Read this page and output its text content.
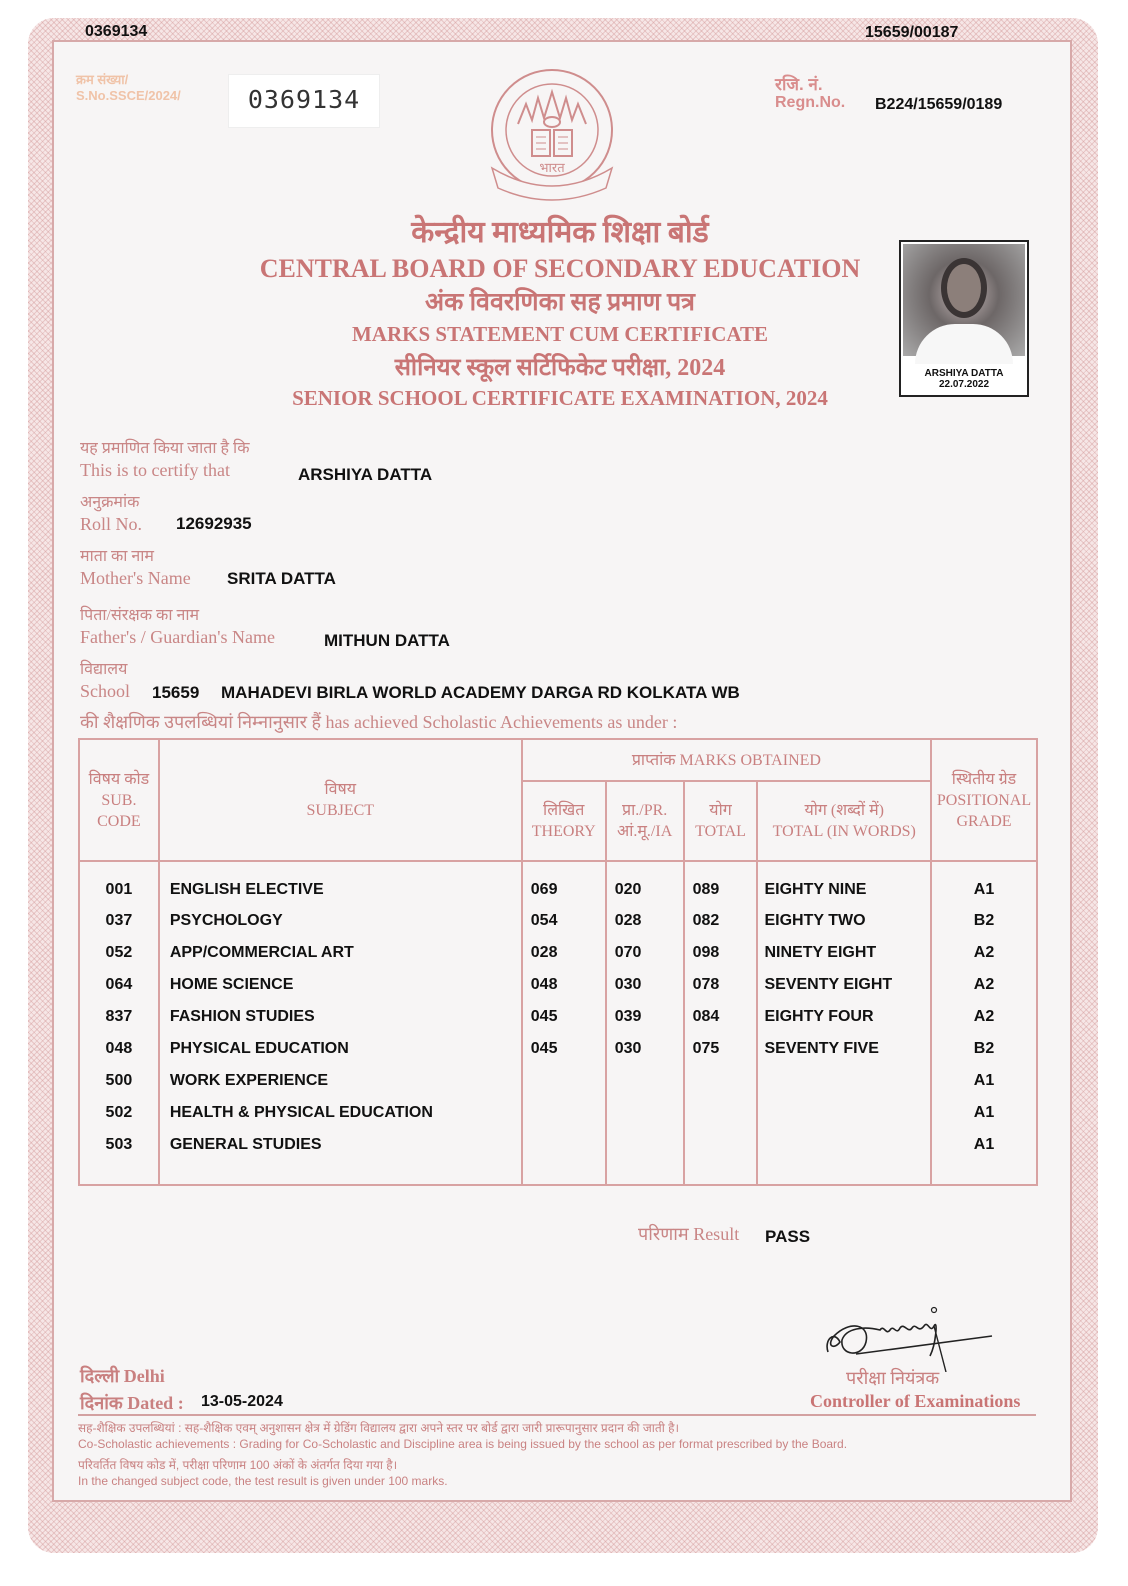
0369134	15659/00187
क्रम संख्या/
S.No.SSCE/2024/	0369134
भारत
रजि. नं.
Regn.No. B224/15659/0189
केन्द्रीय माध्यमिक शिक्षा बोर्ड
CENTRAL BOARD OF SECONDARY EDUCATION
अंक विवरणिका सह प्रमाण पत्र
MARKS STATEMENT CUM CERTIFICATE
सीनियर स्कूल सर्टिफिकेट परीक्षा, 2024
SENIOR SCHOOL CERTIFICATE EXAMINATION, 2024
ARSHIYA DATTA
22.07.2022
यह प्रमाणित किया जाता है कि
This is to certify that	ARSHIYA DATTA
अनुक्रमांक
Roll No. 12692935
माता का नाम
Mother's Name SRITA DATTA
पिता/संरक्षक का नाम
Father's / Guardian's Name	MITHUN DATTA
विद्यालय
School 15659 MAHADEVI BIRLA WORLD ACADEMY DARGA RD KOLKATA WB
की शैक्षणिक उपलब्धियां निम्नानुसार हैं has achieved Scholastic Achievements as under :
विषय कोड
SUB.
CODE

विषय
SUBJECT
	प्राप्तांक MARKS OBTAINED	
स्थितीय ग्रेड
POSITIONAL
GRADE

लिखित
THEORY

प्रा./PR.
आं.मू./IA

योग
TOTAL

योग (शब्दों में)
TOTAL (IN WORDS)

001	ENGLISH ELECTIVE	069	020	089	EIGHTY NINE	A1
037	PSYCHOLOGY	054	028	082	EIGHTY TWO	B2
052	APP/COMMERCIAL ART	028	070	098	NINETY EIGHT	A2
064	HOME SCIENCE	048	030	078	SEVENTY EIGHT	A2
837	FASHION STUDIES	045	039	084	EIGHTY FOUR	A2
048	PHYSICAL EDUCATION	045	030	075	SEVENTY FIVE	B2
500	WORK EXPERIENCE					A1
502	HEALTH & PHYSICAL EDUCATION					A1
503	GENERAL STUDIES					A1

परिणाम Result PASS
परीक्षा नियंत्रक
Controller of Examinations
दिल्ली Delhi
दिनांक Dated : 13-05-2024
सह-शैक्षिक उपलब्धियां : सह-शैक्षिक एवम् अनुशासन क्षेत्र में ग्रेडिंग विद्यालय द्वारा अपने स्तर पर बोर्ड द्वारा जारी प्रारूपानुसार प्रदान की जाती है।
Co-Scholastic achievements : Grading for Co-Scholastic and Discipline area is being issued by the school as per format prescribed by the Board.
परिवर्तित विषय कोड में, परीक्षा परिणाम 100 अंकों के अंतर्गत दिया गया है।
In the changed subject code, the test result is given under 100 marks.
